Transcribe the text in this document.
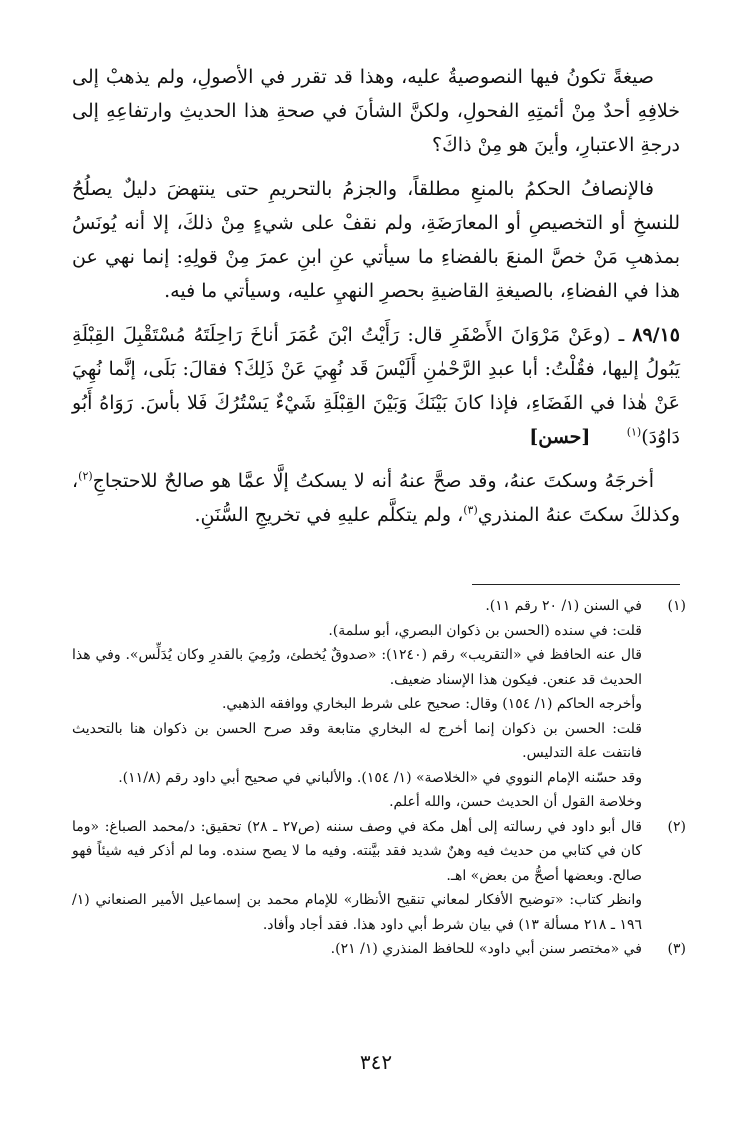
صيغةً تكونُ فيها النصوصيةُ عليه، وهذا قد تقرر في الأصولِ، ولم يذهبْ إلى خلافِهِ أحدٌ مِنْ أئمتِهِ الفحولِ، ولكنَّ الشأنَ في صحةِ هذا الحديثِ وارتفاعِهِ إلى درجةِ الاعتبارِ، وأينَ هو مِنْ ذاكَ؟

فالإنصافُ الحكمُ بالمنعِ مطلقاً، والجزمُ بالتحريمِ حتى ينتهضَ دليلٌ يصلُحُ للنسخِ أو التخصيصِ أو المعارَضَةِ، ولم نقفْ على شيءٍ مِنْ ذلكَ، إلا أنه يُونَسُ بمذهبِ مَنْ خصَّ المنعَ بالفضاءِ ما سيأتي عنِ ابنِ عمرَ مِنْ قولِهِ: إنما نهي عن هذا في الفضاءِ، بالصيغةِ القاضيةِ بحصرِ النهيِ عليه، وسيأتي ما فيه.

٨٩/١٥ ـ (وعَنْ مَرْوَانَ الأَصْفَرِ قال: رَأَيْتُ ابْنَ عُمَرَ أناخَ رَاحِلَتَهُ مُسْتَقْبِلَ القِبْلَةِ يَبُولُ إليها، فقُلْتُ: أبا عبدِ الرَّحْمٰنِ أَلَيْسَ قَد نُهِيَ عَنْ ذَلِكَ؟ فقالَ: بَلَى، إنَّما نُهِيَ عَنْ هٰذا في الفَضَاءِ، فإذا كانَ بَيْنَكَ وَبَيْنَ القِبْلَةِ شَيْءٌ يَسْتُرُكَ فَلا بأسَ. رَوَاهُ أَبُو دَاوُدَ)$^{(١)}$      [حسن]

أخرجَهُ وسكتَ عنهُ، وقد صحَّ عنهُ أنه لا يسكتُ إلَّا عمَّا هو صالحٌ للاحتجاجِ$^{(٢)}$، وكذلكَ سكتَ عنهُ المنذري$^{(٣)}$، ولم يتكلَّم عليهِ في تخريجِ السُّنَنِ.

(١)

في السنن (١/ ٢٠ رقم ١١).

قلت: في سنده (الحسن بن ذكوان البصري، أبو سلمة).

قال عنه الحافظ في «التقريب» رقم (١٢٤٠): «صدوقٌ يُخطئ، ورُمِيَ بالقدرِ وكان يُدَلِّس». وفي هذا الحديث قد عنعن. فيكون هذا الإسناد ضعيف.

وأخرجه الحاكم (١/ ١٥٤) وقال: صحيح على شرط البخاري ووافقه الذهبي.

قلت: الحسن بن ذكوان إنما أخرج له البخاري متابعة وقد صرح الحسن بن ذكوان هنا بالتحديث فانتفت علة التدليس.

وقد حسّنه الإمام النووي في «الخلاصة» (١/ ١٥٤). والألباني في صحيح أبي داود رقم (١١/٨).

وخلاصة القول أن الحديث حسن، والله أعلم.

(٢)

قال أبو داود في رسالته إلى أهل مكة في وصف سننه (ص٢٧ ـ ٢٨) تحقيق: د/محمد الصباغ: «وما كان في كتابي من حديث فيه وهنٌ شديد فقد بيَّنته. وفيه ما لا يصح سنده. وما لم أذكر فيه شيئاً فهو صالح. وبعضها أصحُّ من بعض» اهـ.

وانظر كتاب: «توضيح الأفكار لمعاني تنقيح الأنظار» للإمام محمد بن إسماعيل الأمير الصنعاني (١/ ١٩٦ ـ ٢١٨ مسألة ١٣) في بيان شرط أبي داود هذا. فقد أجاد وأفاد.

(٣)

في «مختصر سنن أبي داود» للحافظ المنذري (١/ ٢١).

٣٤٢
